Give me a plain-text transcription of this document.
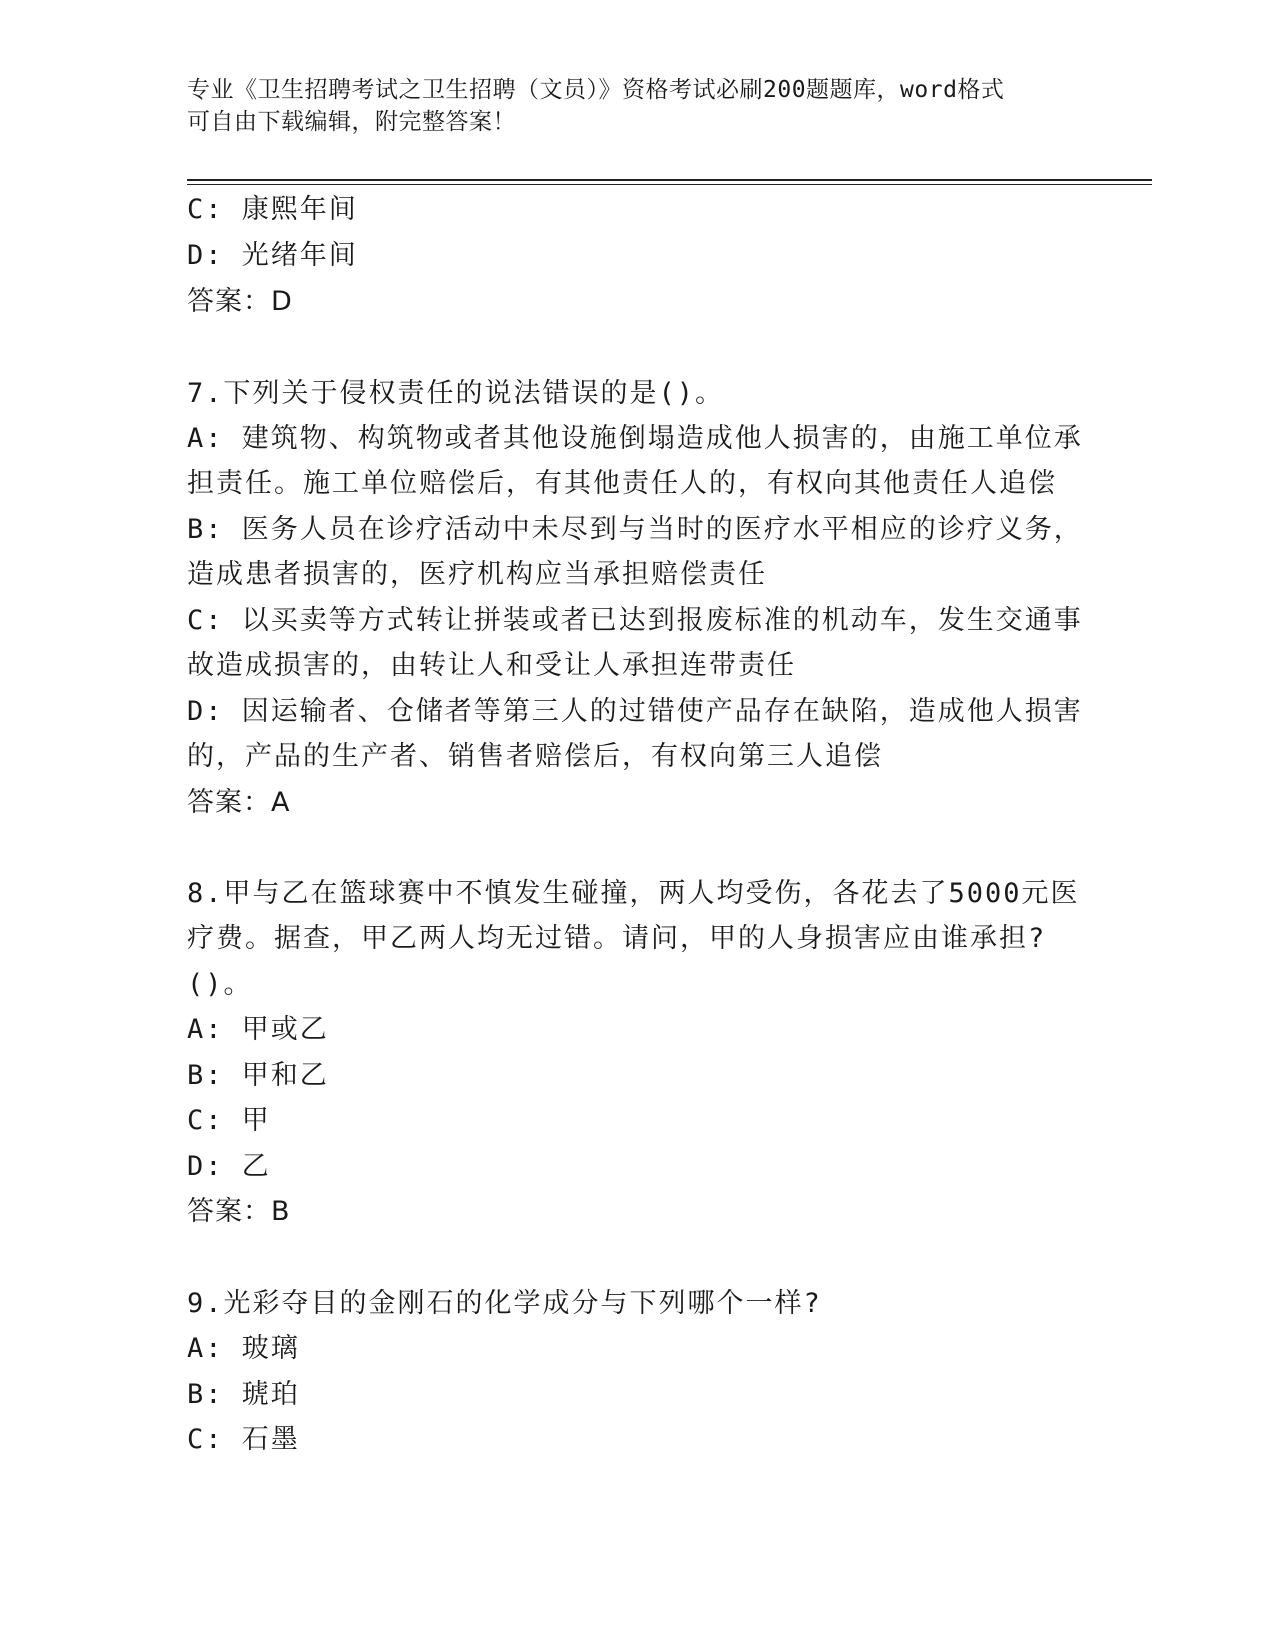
专业《卫生招聘考试之卫生招聘（文员）》资格考试必刷200题题库，word格式
可自由下载编辑，附完整答案！
C: 康熙年间
D: 光绪年间
答案：D
7.下列关于侵权责任的说法错误的是()。
A: 建筑物、构筑物或者其他设施倒塌造成他人损害的，由施工单位承
担责任。施工单位赔偿后，有其他责任人的，有权向其他责任人追偿
B: 医务人员在诊疗活动中未尽到与当时的医疗水平相应的诊疗义务，
造成患者损害的，医疗机构应当承担赔偿责任
C: 以买卖等方式转让拼装或者已达到报废标准的机动车，发生交通事
故造成损害的，由转让人和受让人承担连带责任
D: 因运输者、仓储者等第三人的过错使产品存在缺陷，造成他人损害
的，产品的生产者、销售者赔偿后，有权向第三人追偿
答案：A
8.甲与乙在篮球赛中不慎发生碰撞，两人均受伤，各花去了5000元医
疗费。据查，甲乙两人均无过错。请问，甲的人身损害应由谁承担?
()。
A: 甲或乙
B: 甲和乙
C: 甲
D: 乙
答案：B
9.光彩夺目的金刚石的化学成分与下列哪个一样?
A: 玻璃
B: 琥珀
C: 石墨
